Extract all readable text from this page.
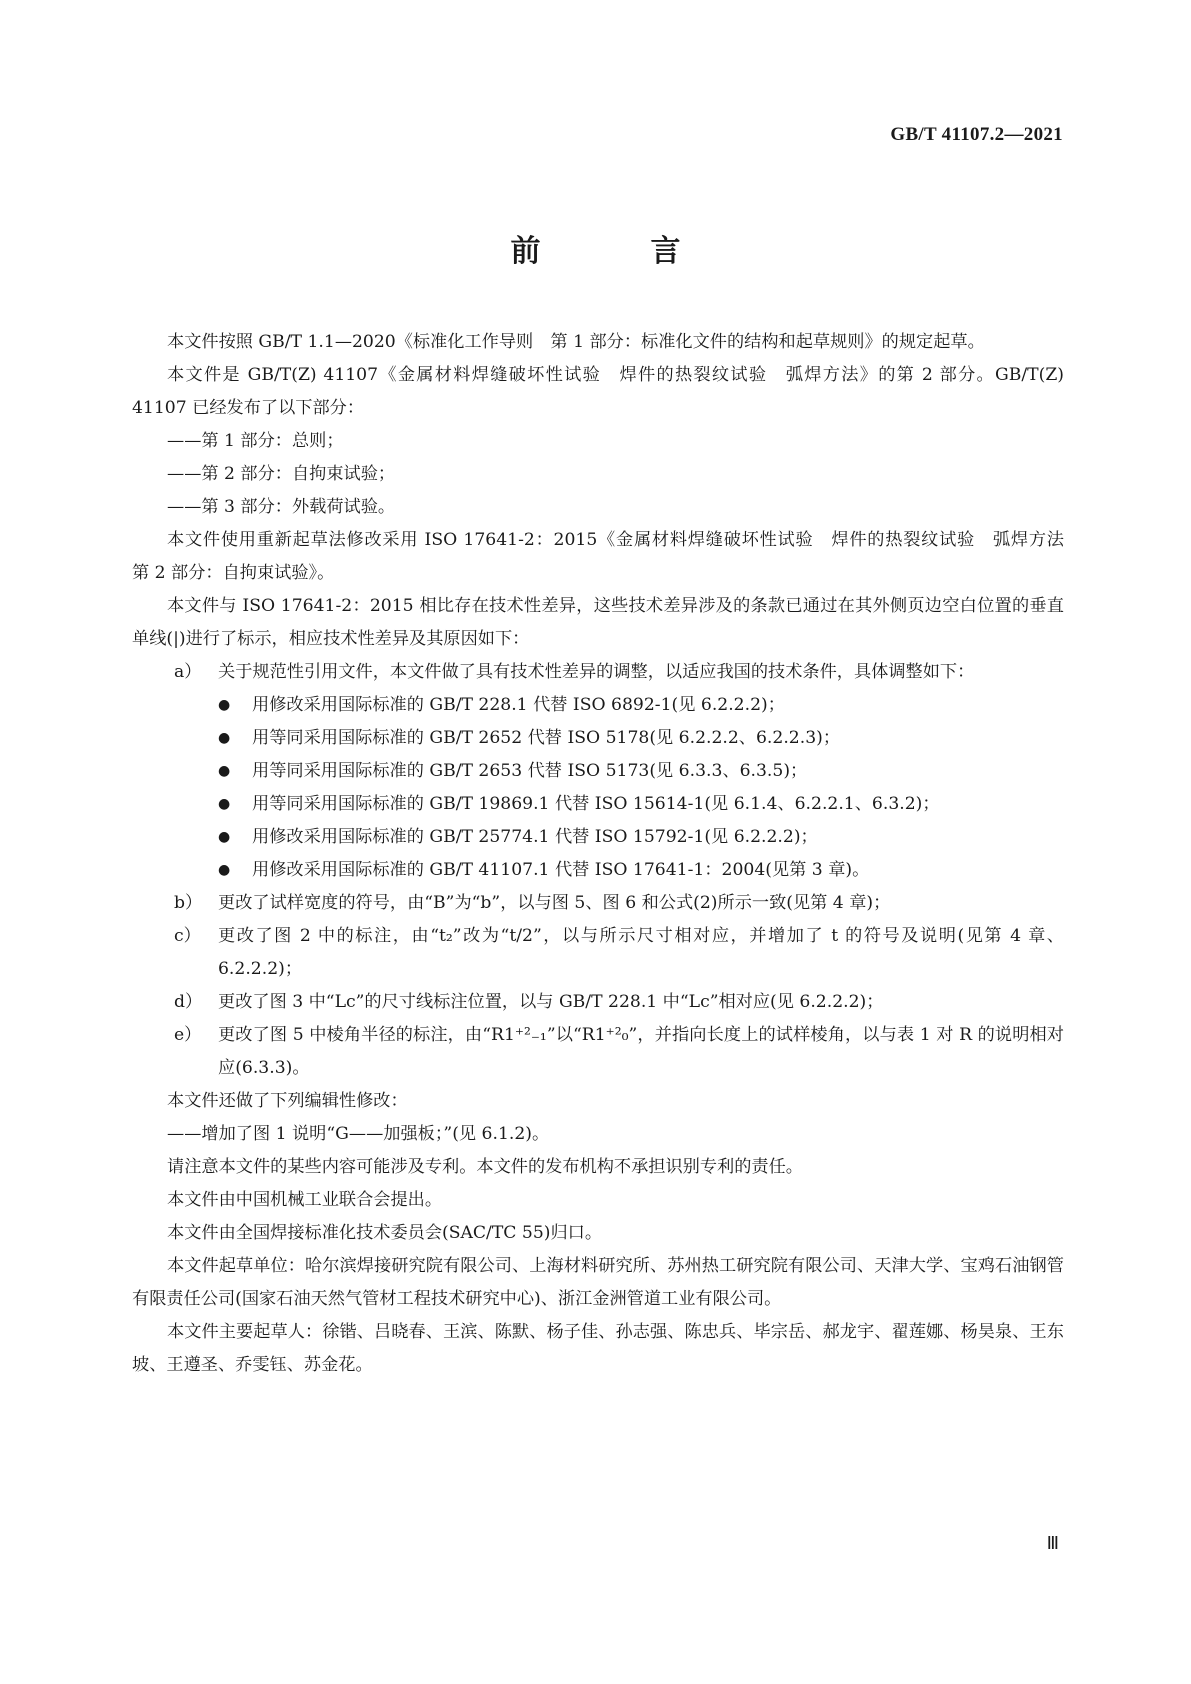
GB/T 41107.2—2021

前　言

本文件按照 GB/T 1.1—2020《标准化工作导则　第 1 部分：标准化文件的结构和起草规则》的规定起草。

本文件是 GB/T(Z) 41107《金属材料焊缝破坏性试验　焊件的热裂纹试验　弧焊方法》的第 2 部分。GB/T(Z) 41107 已经发布了以下部分：

——第 1 部分：总则；

——第 2 部分：自拘束试验；

——第 3 部分：外载荷试验。

本文件使用重新起草法修改采用 ISO 17641-2：2015《金属材料焊缝破坏性试验　焊件的热裂纹试验　弧焊方法　第 2 部分：自拘束试验》。

本文件与 ISO 17641-2：2015 相比存在技术性差异，这些技术差异涉及的条款已通过在其外侧页边空白位置的垂直单线(|)进行了标示，相应技术性差异及其原因如下：

a） 关于规范性引用文件，本文件做了具有技术性差异的调整，以适应我国的技术条件，具体调整如下：
●	用修改采用国际标准的 GB/T 228.1 代替 ISO 6892-1(见 6.2.2.2)；
●	用等同采用国际标准的 GB/T 2652 代替 ISO 5178(见 6.2.2.2、6.2.2.3)；
●	用等同采用国际标准的 GB/T 2653 代替 ISO 5173(见 6.3.3、6.3.5)；
●	用等同采用国际标准的 GB/T 19869.1 代替 ISO 15614-1(见 6.1.4、6.2.2.1、6.3.2)；
●	用修改采用国际标准的 GB/T 25774.1 代替 ISO 15792-1(见 6.2.2.2)；
●	用修改采用国际标准的 GB/T 41107.1 代替 ISO 17641-1：2004(见第 3 章)。
b） 更改了试样宽度的符号，由“B”为“b”，以与图 5、图 6 和公式(2)所示一致(见第 4 章)；
c） 更改了图 2 中的标注，由“t₂”改为“t/2”，以与所示尺寸相对应，并增加了 t 的符号及说明(见第 4 章、6.2.2.2)；
d） 更改了图 3 中“Lc”的尺寸线标注位置，以与 GB/T 228.1 中“Lc”相对应(见 6.2.2.2)；
e） 更改了图 5 中棱角半径的标注，由“R1⁺²₋₁”以“R1⁺²₀”，并指向长度上的试样棱角，以与表 1 对 R 的说明相对应(6.3.3)。

本文件还做了下列编辑性修改：

——增加了图 1 说明“G——加强板；”(见 6.1.2)。

请注意本文件的某些内容可能涉及专利。本文件的发布机构不承担识别专利的责任。

本文件由中国机械工业联合会提出。

本文件由全国焊接标准化技术委员会(SAC/TC 55)归口。

本文件起草单位：哈尔滨焊接研究院有限公司、上海材料研究所、苏州热工研究院有限公司、天津大学、宝鸡石油钢管有限责任公司(国家石油天然气管材工程技术研究中心)、浙江金洲管道工业有限公司。

本文件主要起草人：徐锴、吕晓春、王滨、陈默、杨子佳、孙志强、陈忠兵、毕宗岳、郝龙宇、翟莲娜、杨昊泉、王东坡、王遵圣、乔雯钰、苏金花。

Ⅲ
